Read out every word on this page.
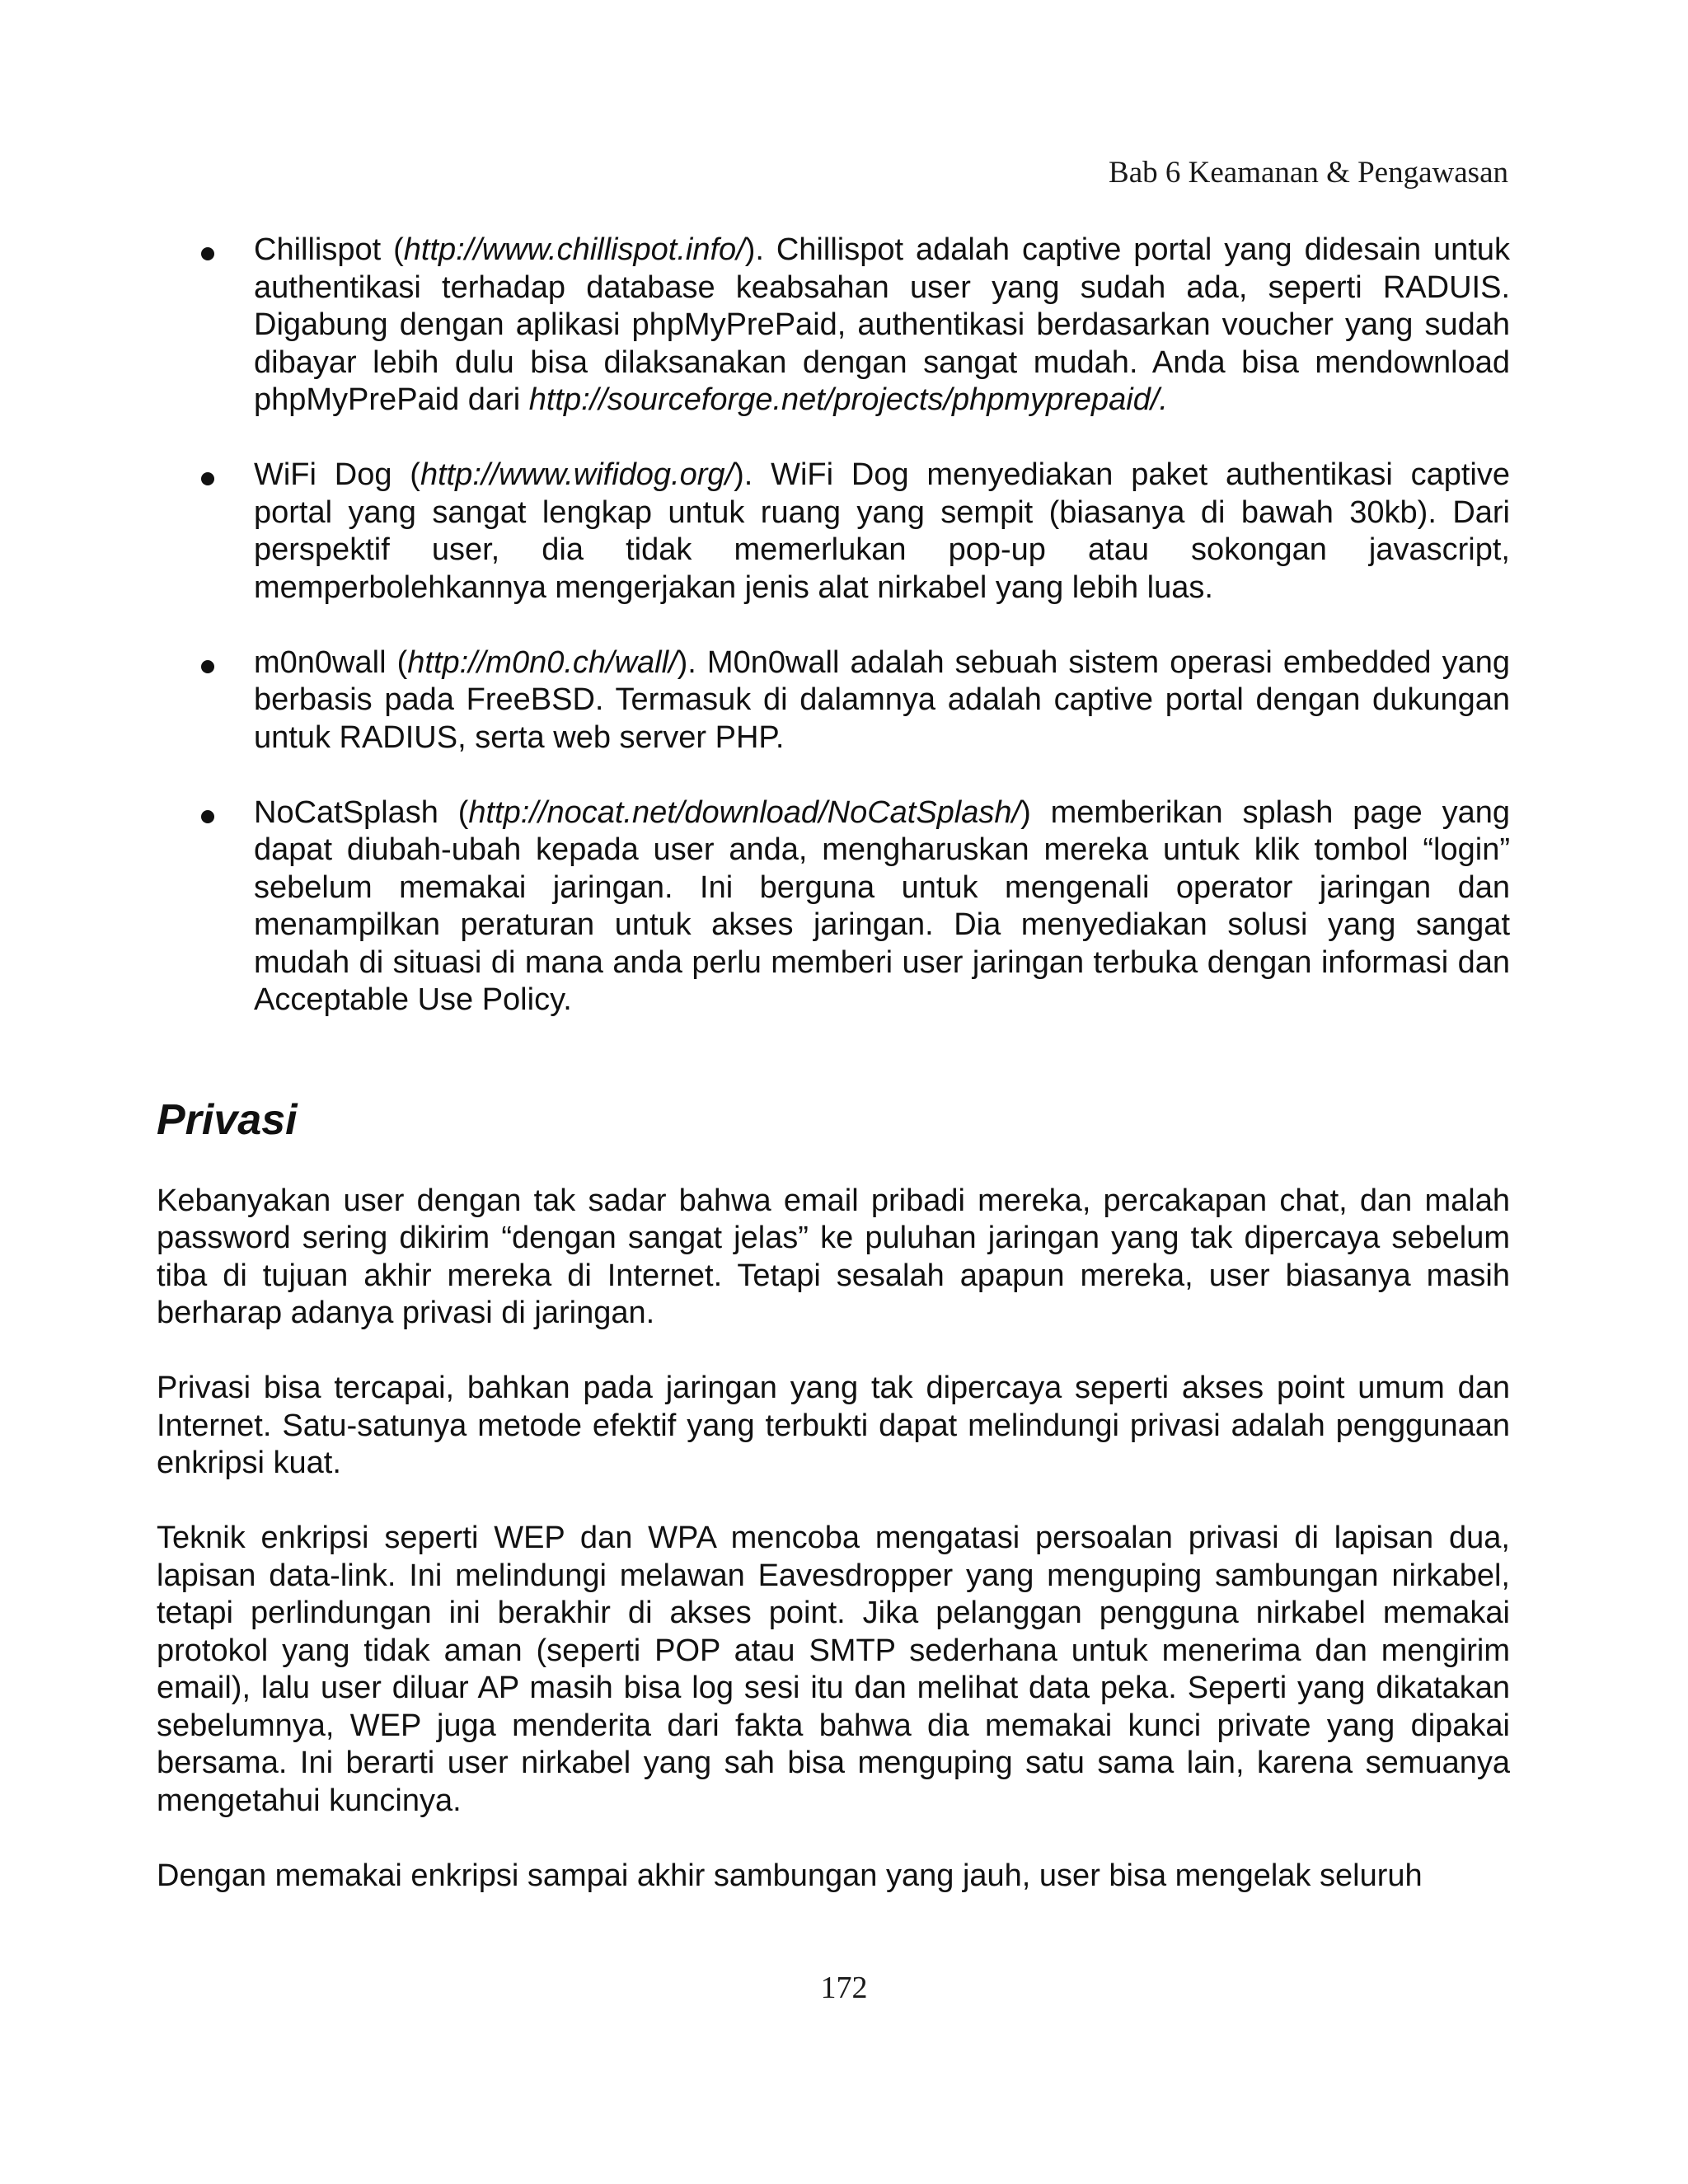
Bab 6 Keamanan & Pengawasan
Chillispot (http://www.chillispot.info/). Chillispot adalah captive portal yang didesain untuk authentikasi terhadap database keabsahan user yang sudah ada, seperti RADUIS. Digabung dengan aplikasi phpMyPrePaid, authentikasi berdasarkan voucher yang sudah dibayar lebih dulu bisa dilaksanakan dengan sangat mudah. Anda bisa mendownload phpMyPrePaid dari http://sourceforge.net/projects/phpmyprepaid/.
WiFi Dog (http://www.wifidog.org/). WiFi Dog menyediakan paket authentikasi captive portal yang sangat lengkap untuk ruang yang sempit (biasanya di bawah 30kb). Dari perspektif user, dia tidak memerlukan pop-up atau sokongan javascript, memperbolehkannya mengerjakan jenis alat nirkabel yang lebih luas.
m0n0wall (http://m0n0.ch/wall/). M0n0wall adalah sebuah sistem operasi embedded yang berbasis pada FreeBSD. Termasuk di dalamnya adalah captive portal dengan dukungan untuk RADIUS, serta web server PHP.
NoCatSplash (http://nocat.net/download/NoCatSplash/) memberikan splash page yang dapat diubah-ubah kepada user anda, mengharuskan mereka untuk klik tombol “login” sebelum memakai jaringan. Ini berguna untuk mengenali operator jaringan dan menampilkan peraturan untuk akses jaringan. Dia menyediakan solusi yang sangat mudah di situasi di mana anda perlu memberi user jaringan terbuka dengan informasi dan Acceptable Use Policy.
Privasi

Kebanyakan user dengan tak sadar bahwa email pribadi mereka, percakapan chat, dan malah password sering dikirim “dengan sangat jelas” ke puluhan jaringan yang tak dipercaya sebelum tiba di tujuan akhir mereka di Internet. Tetapi sesalah apapun mereka, user biasanya masih berharap adanya privasi di jaringan.

Privasi bisa tercapai, bahkan pada jaringan yang tak dipercaya seperti akses point umum dan Internet. Satu-satunya metode efektif yang terbukti dapat melindungi privasi adalah penggunaan enkripsi kuat.

Teknik enkripsi seperti WEP dan WPA mencoba mengatasi persoalan privasi di lapisan dua, lapisan data-link. Ini melindungi melawan Eavesdropper yang menguping sambungan nirkabel, tetapi perlindungan ini berakhir di akses point. Jika pelanggan pengguna nirkabel memakai protokol yang tidak aman (seperti POP atau SMTP sederhana untuk menerima dan mengirim email), lalu user diluar AP masih bisa log sesi itu dan melihat data peka. Seperti yang dikatakan sebelumnya, WEP juga menderita dari fakta bahwa dia memakai kunci private yang dipakai bersama. Ini berarti user nirkabel yang sah bisa menguping satu sama lain, karena semuanya mengetahui kuncinya.

Dengan memakai enkripsi sampai akhir sambungan yang jauh, user bisa mengelak seluruh

172
